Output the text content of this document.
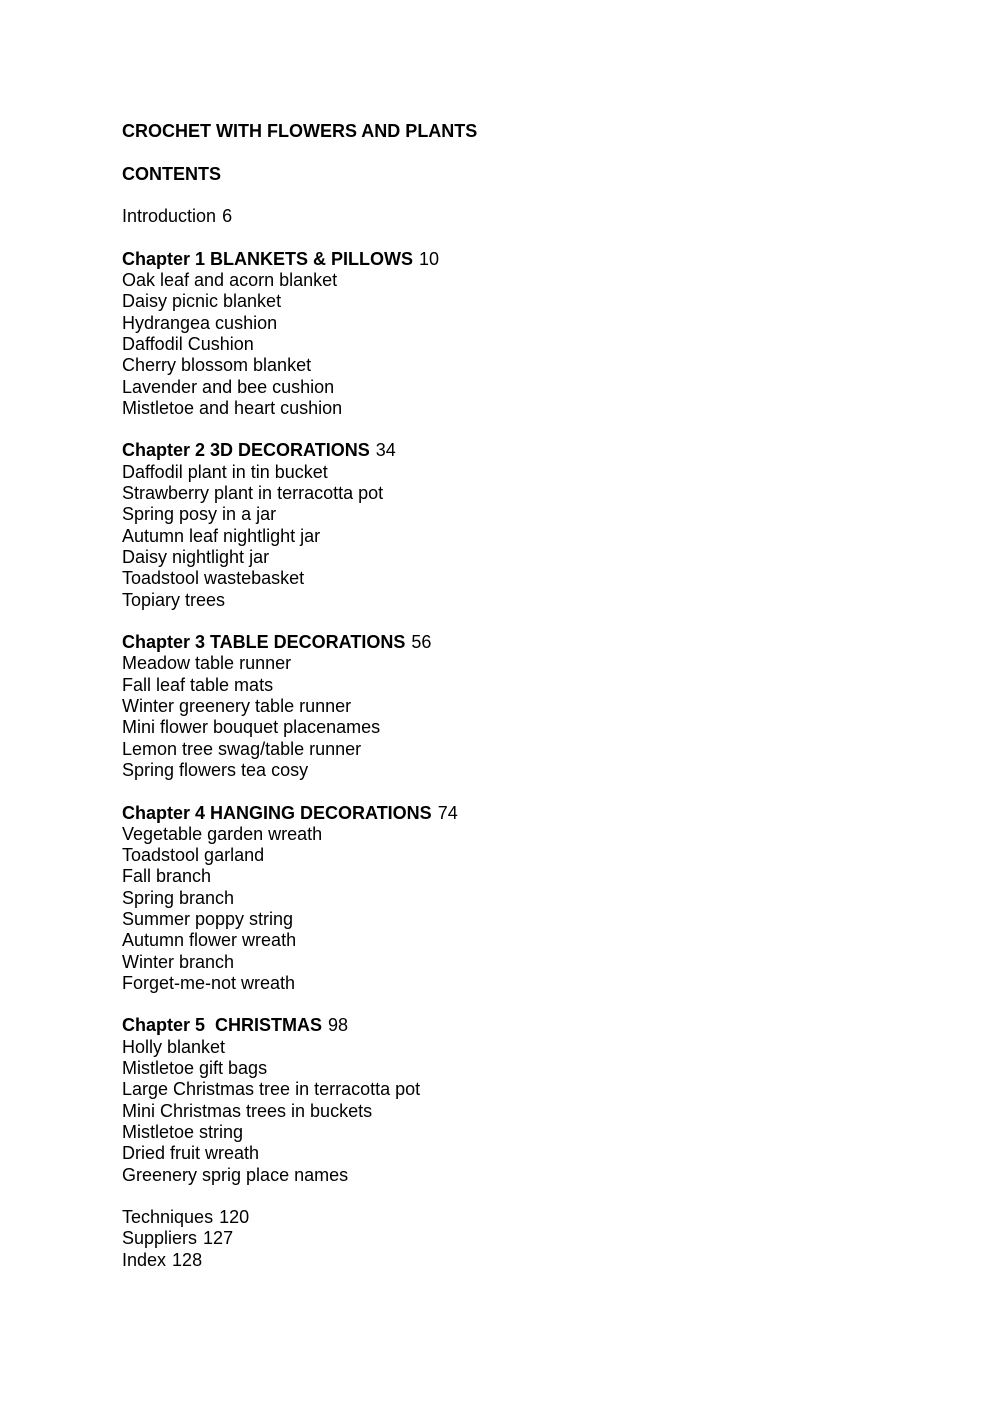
CROCHET WITH FLOWERS AND PLANTS
CONTENTS
Introduction 6
Chapter 1 BLANKETS & PILLOWS 10
Oak leaf and acorn blanket
Daisy picnic blanket
Hydrangea cushion
Daffodil Cushion
Cherry blossom blanket
Lavender and bee cushion
Mistletoe and heart cushion
Chapter 2 3D DECORATIONS 34
Daffodil plant in tin bucket
Strawberry plant in terracotta pot
Spring posy in a jar
Autumn leaf nightlight jar
Daisy nightlight jar
Toadstool wastebasket
Topiary trees
Chapter 3 TABLE DECORATIONS 56
Meadow table runner
Fall leaf table mats
Winter greenery table runner
Mini flower bouquet placenames
Lemon tree swag/table runner
Spring flowers tea cosy
Chapter 4 HANGING DECORATIONS 74
Vegetable garden wreath
Toadstool garland
Fall branch
Spring branch
Summer poppy string
Autumn flower wreath
Winter branch
Forget-me-not wreath
Chapter 5  CHRISTMAS 98
Holly blanket
Mistletoe gift bags
Large Christmas tree in terracotta pot
Mini Christmas trees in buckets
Mistletoe string
Dried fruit wreath
Greenery sprig place names
Techniques 120
Suppliers 127
Index 128
